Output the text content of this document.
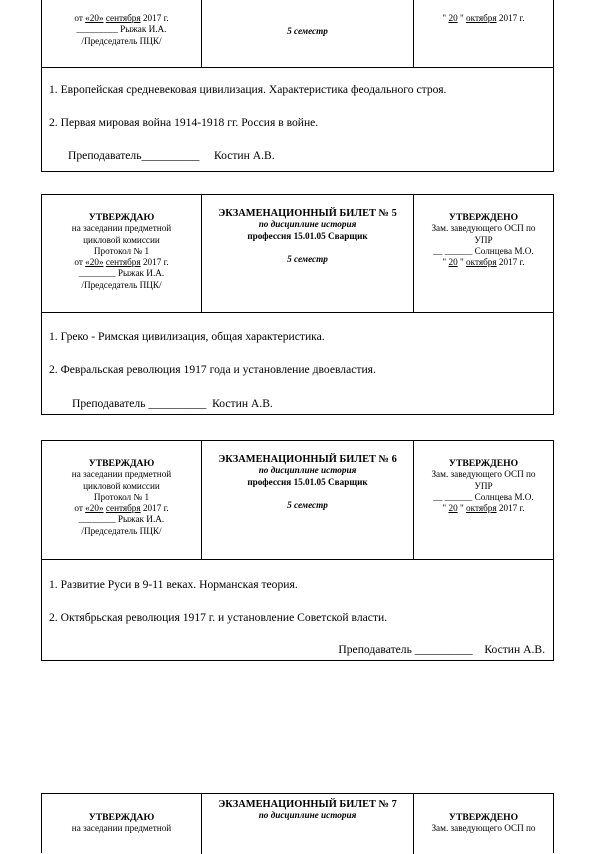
от «20» сентября 2017 г.
_________ Рыжак И.А.
/Председатель ПЦК/
5 семестр
" 20 " октября 2017 г.
1. Европейская средневековая цивилизация. Характеристика феодального строя.
2. Первая мировая война 1914-1918 гг. Россия в войне.
Преподаватель__________ Костин А.В.
УТВЕРЖДАЮ
на заседании предметной
цикловой комиссии
Протокол № 1
от «20» сентября 2017 г.
________ Рыжак И.А.
/Председатель ПЦК/
ЭКЗАМЕНАЦИОННЫЙ БИЛЕТ № 5
по дисциплине история
профессия 15.01.05 Сварщик
5 семестр
УТВЕРЖДЕНО
Зам. заведующего ОСП по
УПР
__ ______ Солнцева М.О.
" 20 " октября 2017 г.
1. Греко - Римская цивилизация, общая характеристика.
2. Февральская революция 1917 года и установление двоевластия.
Преподаватель __________ Костин А.В.
УТВЕРЖДАЮ
на заседании предметной
цикловой комиссии
Протокол № 1
от «20» сентября 2017 г.
________ Рыжак И.А.
/Председатель ПЦК/
ЭКЗАМЕНАЦИОННЫЙ БИЛЕТ № 6
по дисциплине история
профессия 15.01.05 Сварщик
5 семестр
УТВЕРЖДЕНО
Зам. заведующего ОСП по
УПР
__ ______ Солнцева М.О.
" 20 " октября 2017 г.
1. Развитие Руси в 9-11 веках. Норманская теория.
2. Октябрьская революция 1917 г. и установление Советской власти.
Преподаватель __________ Костин А.В.
УТВЕРЖДАЮ
на заседании предметной
ЭКЗАМЕНАЦИОННЫЙ БИЛЕТ № 7
по дисциплине история	УТВЕРЖДЕНО
Зам. заведующего ОСП по
